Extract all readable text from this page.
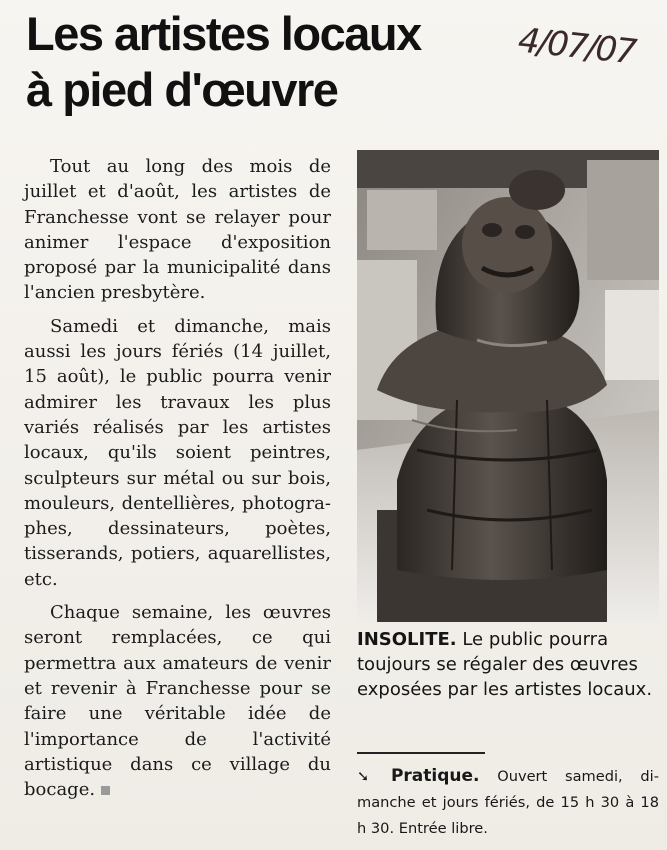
Les artistes locaux
à pied d'œuvre
4/07/07

Tout au long des mois de juillet et d'août, les artistes de Franchesse vont se relayer pour animer l'espace d'exposition proposé par la municipalité dans l'ancien presbytère.

Samedi et dimanche, mais aussi les jours fériés (14 juillet, 15 août), le public pourra venir admirer les travaux les plus variés réalisés par les artistes locaux, qu'ils soient peintres, sculpteurs sur métal ou sur bois, mouleurs, dentellières, photographes, dessinateurs, poètes, tisserands, potiers, aquarellistes, etc.

Chaque semaine, les œuvres seront remplacées, ce qui permettra aux amateurs de venir et revenir à Franchesse pour se faire une véritable idée de l'importance de l'activité artistique dans ce village du bocage.

INSOLITE. Le public pourra toujours se régaler des œuvres exposées par les artistes locaux.
➘ Pratique. Ouvert samedi, dimanche et jours fériés, de 15 h 30 à 18 h 30. Entrée libre.
